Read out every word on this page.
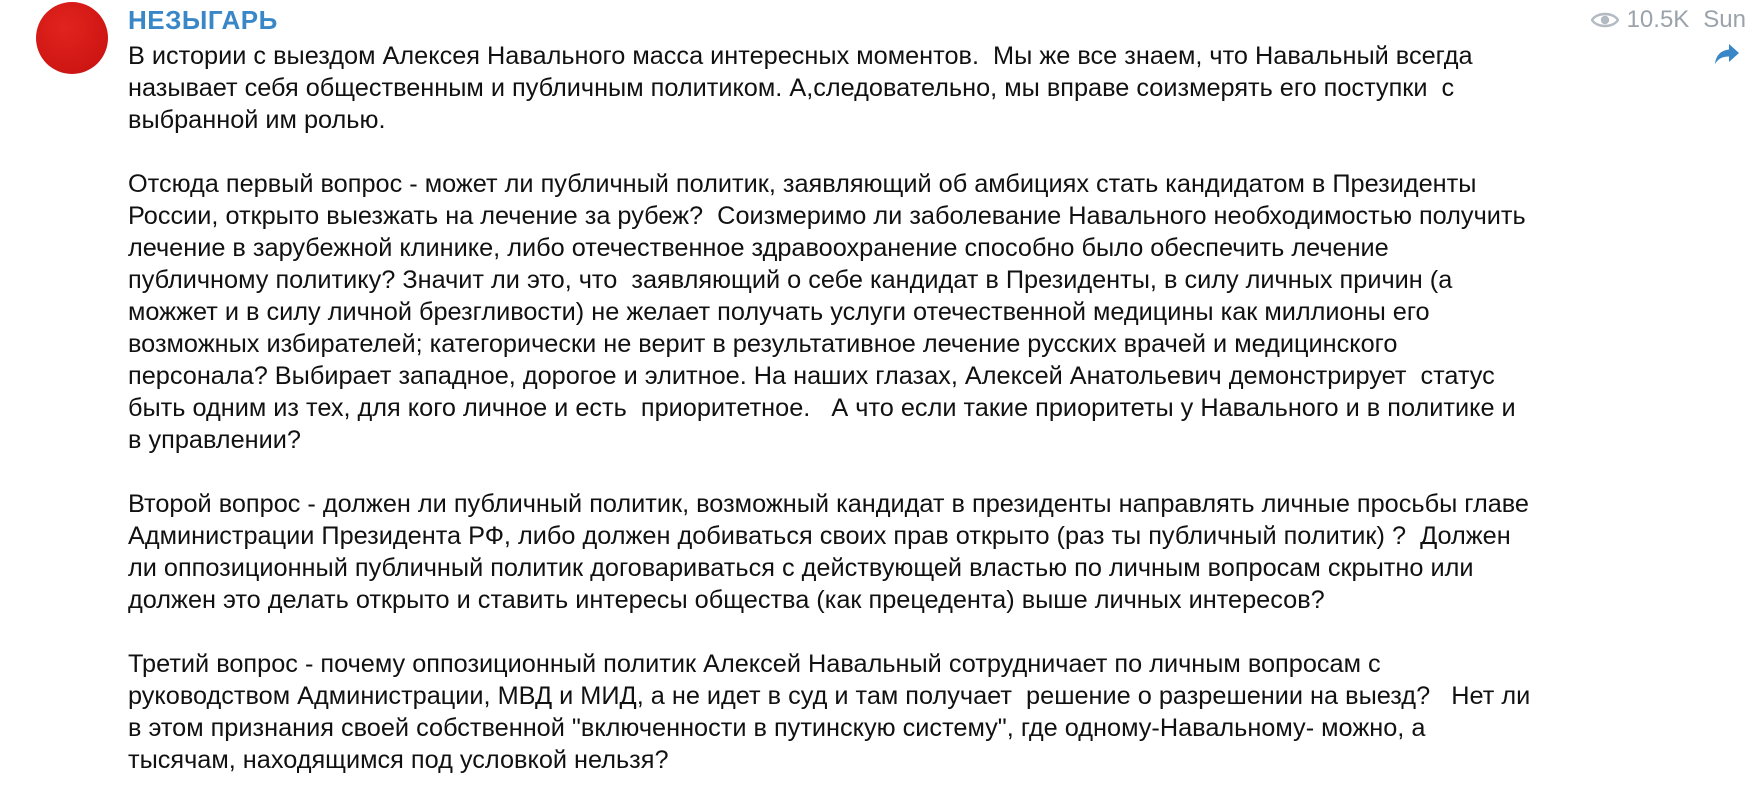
НЕЗЫГАРЬ	10.5K Sun

В истории с выездом Алексея Навального масса интересных моментов.  Мы же все знаем, что Навальный всегда
называет себя общественным и публичным политиком. А,следовательно, мы вправе соизмерять его поступки  с
выбранной им ролью.

Отсюда первый вопрос - может ли публичный политик, заявляющий об амбициях стать кандидатом в Президенты
России, открыто выезжать на лечение за рубеж?  Соизмеримо ли заболевание Навального необходимостью получить
лечение в зарубежной клинике, либо отечественное здравоохранение способно было обеспечить лечение
публичному политику? Значит ли это, что  заявляющий о себе кандидат в Президенты, в силу личных причин (а
можжет и в силу личной брезгливости) не желает получать услуги отечественной медицины как миллионы его
возможных избирателей; категорически не верит в результативное лечение русских врачей и медицинского
персонала? Выбирает западное, дорогое и элитное. На наших глазах, Алексей Анатольевич демонстрирует  статус
быть одним из тех, для кого личное и есть  приоритетное.   А что если такие приоритеты у Навального и в политике и
в управлении?

Второй вопрос - должен ли публичный политик, возможный кандидат в президенты направлять личные просьбы главе
Администрации Президента РФ, либо должен добиваться своих прав открыто (раз ты публичный политик) ?  Должен
ли оппозиционный публичный политик договариваться с действующей властью по личным вопросам скрытно или
должен это делать открыто и ставить интересы общества (как прецедента) выше личных интересов?

Третий вопрос - почему оппозиционный политик Алексей Навальный сотрудничает по личным вопросам с
руководством Администрации, МВД и МИД, а не идет в суд и там получает  решение о разрешении на выезд?   Нет ли
в этом признания своей собственной "включенности в путинскую систему", где одному-Навальному- можно, а
тысячам, находящимся под условкой нельзя?
